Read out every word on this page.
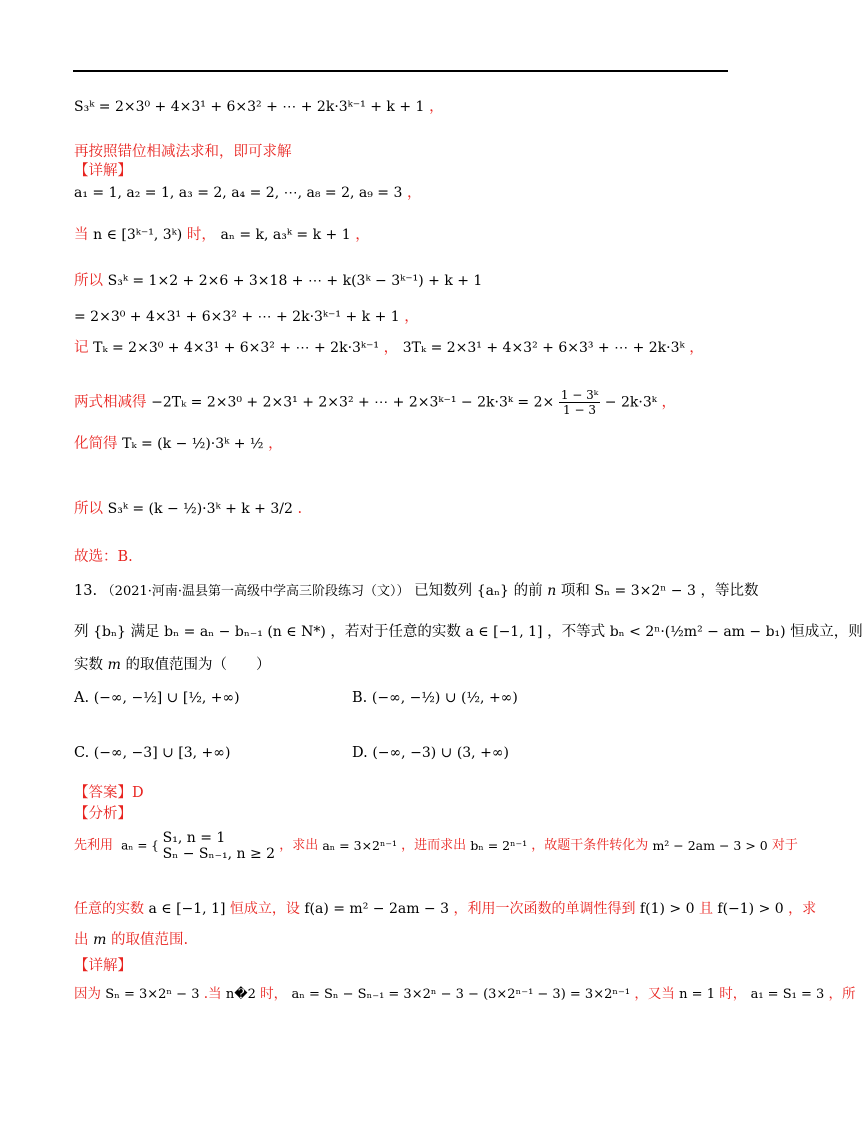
S₃ᵏ = 2×3⁰ + 4×3¹ + 6×3² + ⋯ + 2k·3ᵏ⁻¹ + k + 1 ，
再按照错位相减法求和，即可求解
【详解】
a₁ = 1, a₂ = 1, a₃ = 2, a₄ = 2, ⋯, a₈ = 2, a₉ = 3 ，
当 n ∈ [3ᵏ⁻¹, 3ᵏ) 时， aₙ = k, a₃ᵏ = k + 1 ，
所以 S₃ᵏ = 1×2 + 2×6 + 3×18 + ⋯ + k(3ᵏ − 3ᵏ⁻¹) + k + 1
= 2×3⁰ + 4×3¹ + 6×3² + ⋯ + 2k·3ᵏ⁻¹ + k + 1 ，
记 Tₖ = 2×3⁰ + 4×3¹ + 6×3² + ⋯ + 2k·3ᵏ⁻¹ ， 3Tₖ = 2×3¹ + 4×3² + 6×3³ + ⋯ + 2k·3ᵏ ，
两式相减得 −2Tₖ = 2×3⁰ + 2×3¹ + 2×3² + ⋯ + 2×3ᵏ⁻¹ − 2k·3ᵏ = $2\times \frac{\text{1 − 3ᵏ}}{1 - 3}$ − 2k·3ᵏ ，
化简得 Tₖ = (k − ½)·3ᵏ + ½ ，
所以 S₃ᵏ = (k − ½)·3ᵏ + k + 3/2 .
故选：B.
13. （2021·河南·温县第一高级中学高三阶段练习（文）） 已知数列 {aₙ} 的前 n 项和 Sₙ = 3×2ⁿ − 3 ，等比数
列 {bₙ} 满足 bₙ = aₙ − bₙ₋₁ (n ∈ N*) ，若对于任意的实数 a ∈ [−1, 1] ，不等式 bₙ < 2ⁿ·(½m² − am − b₁) 恒成立，则
实数 m 的取值范围为（　　）
A. (−∞, −½] ∪ [½, +∞)	B. (−∞, −½) ∪ (½, +∞)
C. (−∞, −3] ∪ [3, +∞)	D. (−∞, −3) ∪ (3, +∞)
【答案】D
【分析】
先利用 aₙ = { S₁, n = 1
Sₙ − Sₙ₋₁, n ≥ 2
，求出 aₙ = 3×2ⁿ⁻¹ ，进而求出 bₙ = 2ⁿ⁻¹ ，故题干条件转化为 m² − 2am − 3 > 0 对于
任意的实数 a ∈ [−1, 1] 恒成立，设 f(a) = m² − 2am − 3 ，利用一次函数的单调性得到 f(1) > 0 且 f(−1) > 0 ，求
出 m 的取值范围.
【详解】
因为 Sₙ = 3×2ⁿ − 3 .当 n�2 时， aₙ = Sₙ − Sₙ₋₁ = 3×2ⁿ − 3 − (3×2ⁿ⁻¹ − 3) = 3×2ⁿ⁻¹ ，又当 n = 1 时， a₁ = S₁ = 3 ，所
